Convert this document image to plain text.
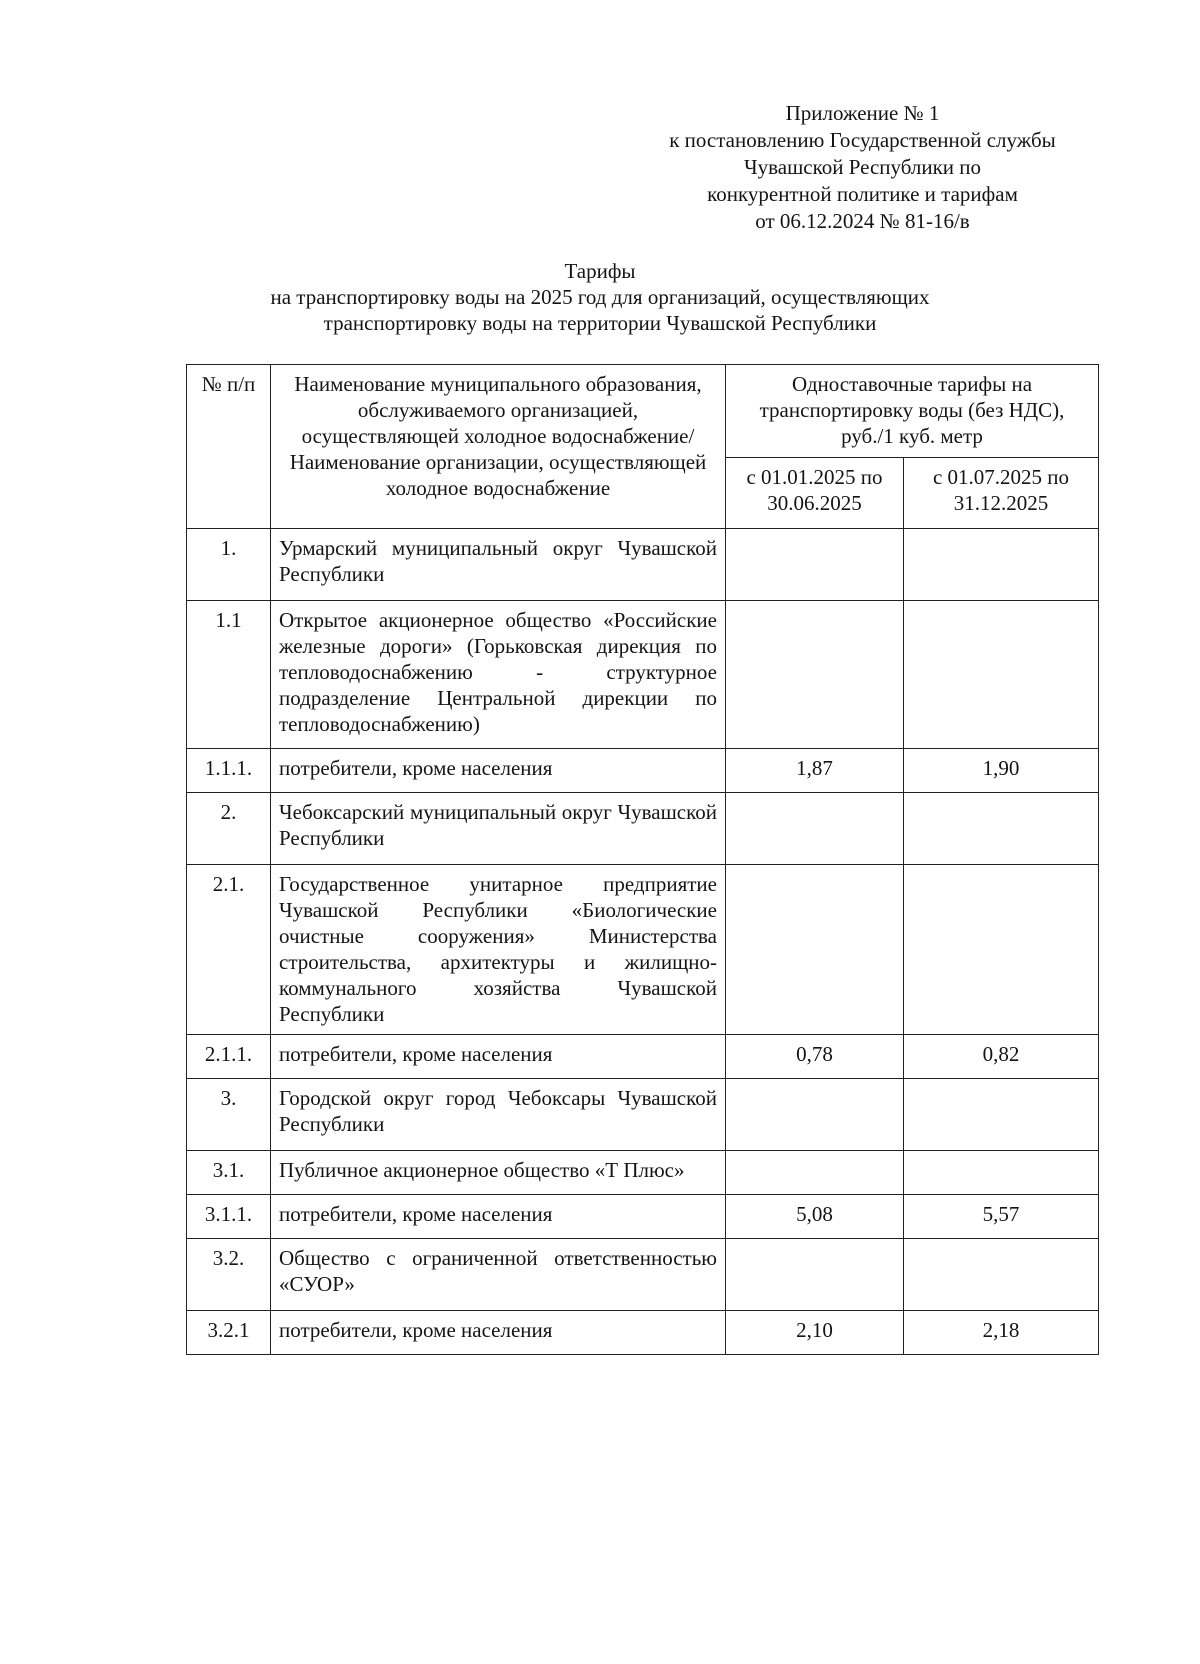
Приложение № 1
к постановлению Государственной службы
Чувашской Республики по
конкурентной политике и тарифам
от 06.12.2024 № 81-16/в
Тарифы
на транспортировку воды на 2025 год для организаций, осуществляющих
транспортировку воды на территории Чувашской Республики
№ п/п	Наименование муниципального образования, обслуживаемого организацией, осуществляющей холодное водоснабжение/Наименование организации, осуществляющей холодное водоснабжение	Одноставочные тарифы на транспортировку воды (без НДС), руб./1 куб. метр	
		с 01.01.2025 по 30.06.2025	с 01.07.2025 по 31.12.2025
1.	Урмарский муниципальный округ Чувашской Республики		
1.1	Открытое акционерное общество «Российские железные дороги» (Горьковская дирекция по тепловодоснабжению - структурное подразделение Центральной дирекции по тепловодоснабжению)		
1.1.1.	потребители, кроме населения	1,87	1,90
2.	Чебоксарский муниципальный округ Чувашской Республики		
2.1.	Государственное унитарное предприятие Чувашской Республики «Биологические очистные сооружения» Министерства строительства, архитектуры и жилищно-коммунального хозяйства Чувашской Республики		
2.1.1.	потребители, кроме населения	0,78	0,82
3.	Городской округ город Чебоксары Чувашской Республики		
3.1.	Публичное акционерное общество «Т Плюс»		
3.1.1.	потребители, кроме населения	5,08	5,57
3.2.	Общество с ограниченной ответственностью «СУОР»		
3.2.1	потребители, кроме населения	2,10	2,18
